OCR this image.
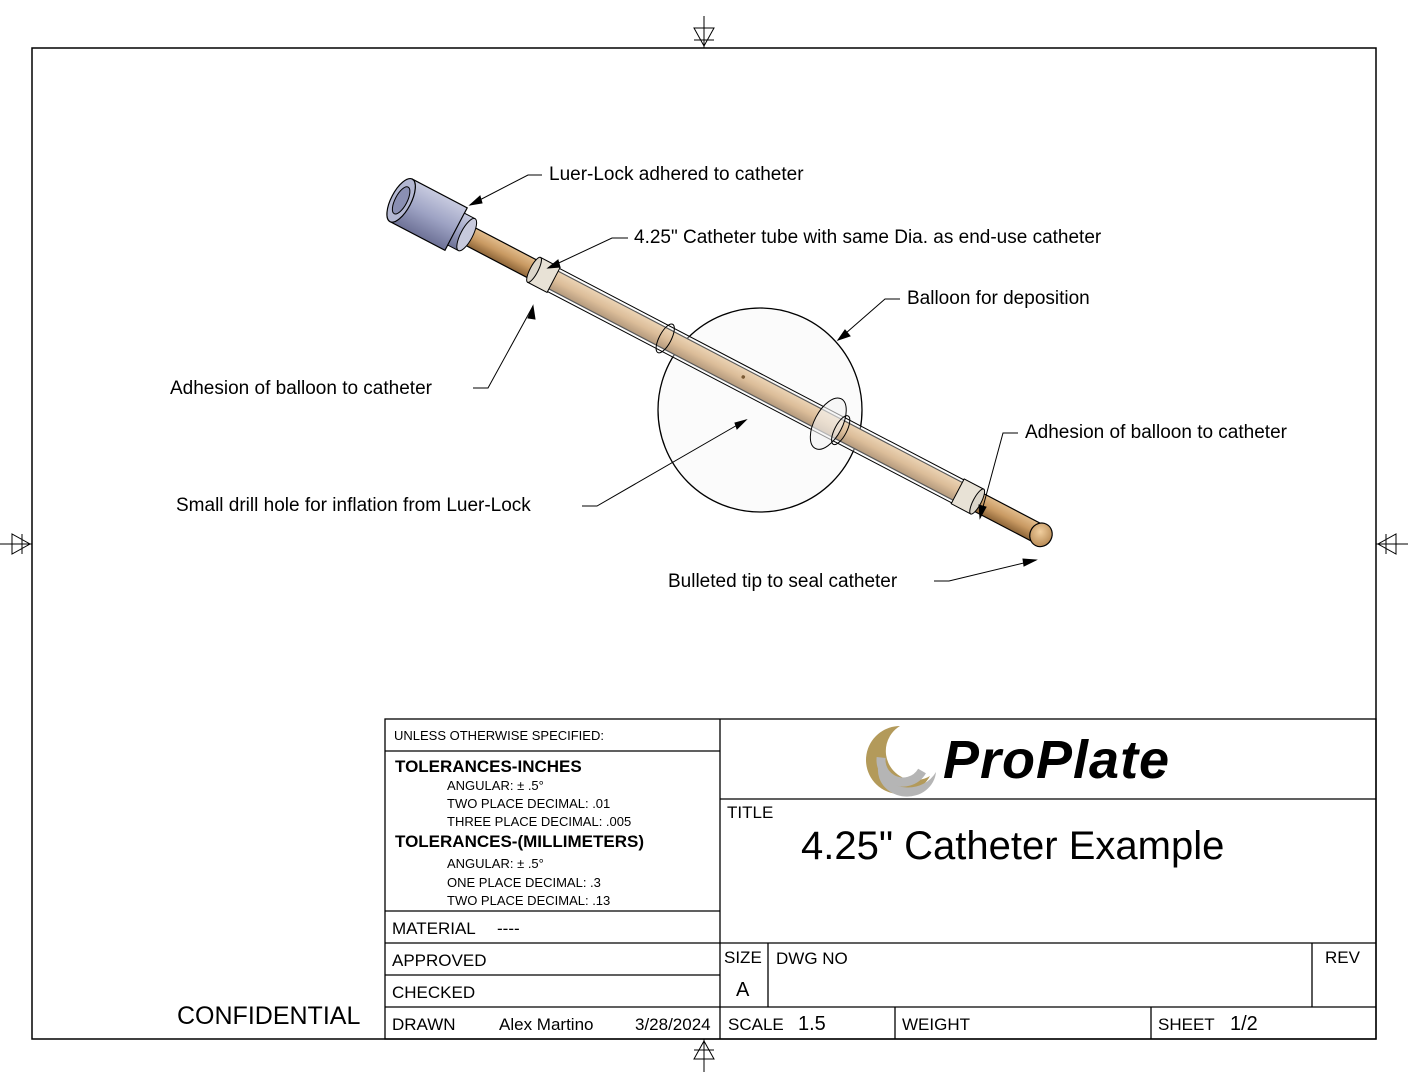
Luer-Lock adhered to catheter
4.25" Catheter tube with same Dia. as end-use catheter
Balloon for deposition
Adhesion of balloon to catheter
Adhesion of balloon to catheter
Small drill hole for inflation from Luer-Lock
Bulleted tip to seal catheter
CONFIDENTIAL
UNLESS OTHERWISE SPECIFIED:
TOLERANCES-INCHES
ANGULAR: ± .5°
TWO PLACE DECIMAL: .01
THREE PLACE DECIMAL: .005
TOLERANCES-(MILLIMETERS)
ANGULAR: ± .5°
ONE PLACE DECIMAL: .3
TWO PLACE DECIMAL: .13
MATERIAL ----
APPROVED
CHECKED
DRAWN	Alex Martino 3/28/2024
ProPlate
TITLE
4.25" Catheter Example
SIZE
A
DWG NO	REV
SCALE 1.5	WEIGHT	SHEET 1/2
